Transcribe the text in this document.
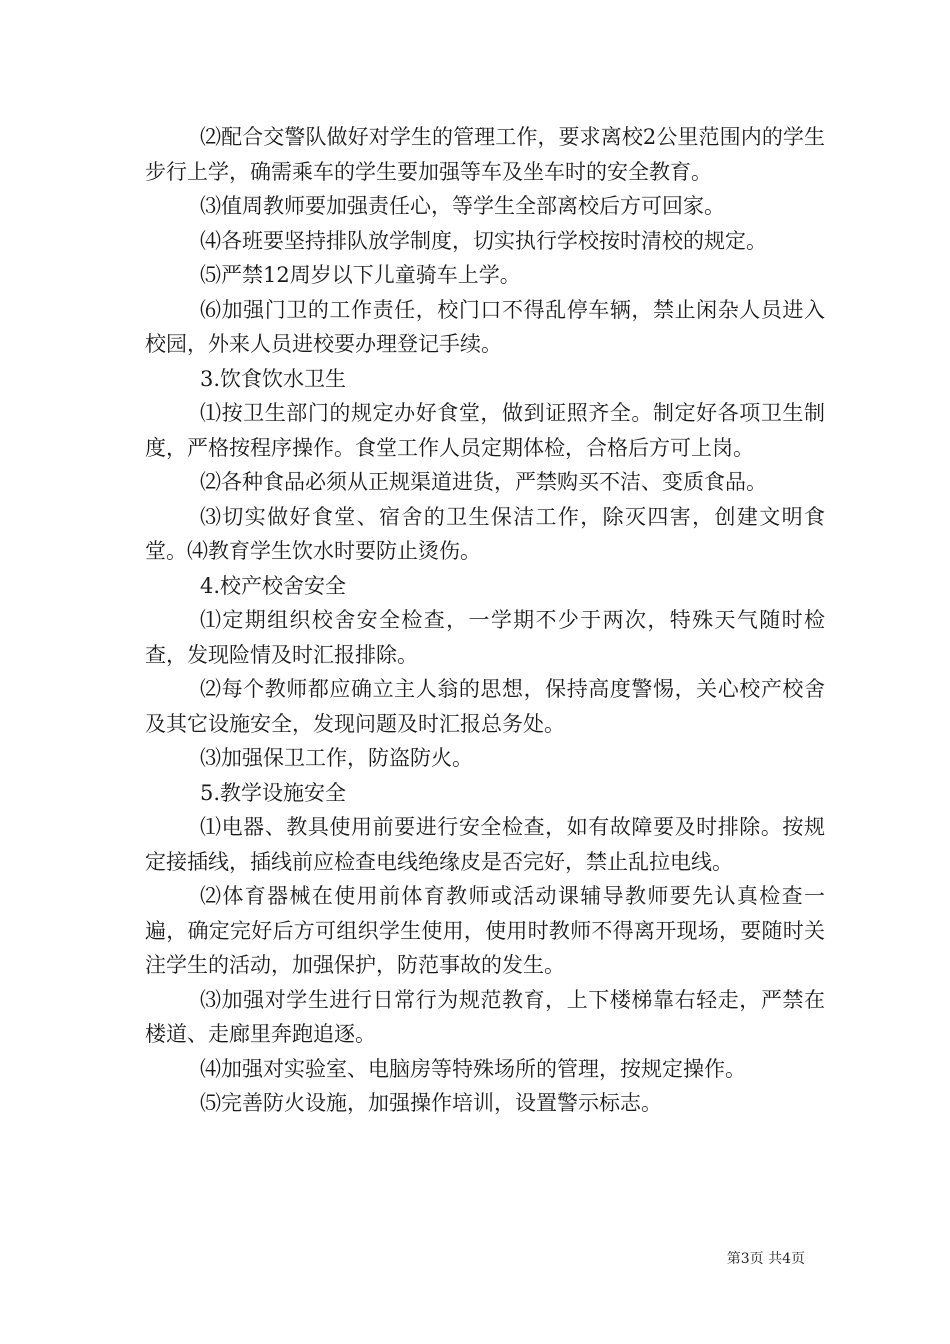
⑵配合交警队做好对学生的管理工作，要求离校2公里范围内的学生步行上学，确需乘车的学生要加强等车及坐车时的安全教育。

⑶值周教师要加强责任心，等学生全部离校后方可回家。

⑷各班要坚持排队放学制度，切实执行学校按时清校的规定。

⑸严禁12周岁以下儿童骑车上学。

⑹加强门卫的工作责任，校门口不得乱停车辆，禁止闲杂人员进入校园，外来人员进校要办理登记手续。

3.饮食饮水卫生

⑴按卫生部门的规定办好食堂，做到证照齐全。制定好各项卫生制度，严格按程序操作。食堂工作人员定期体检，合格后方可上岗。

⑵各种食品必须从正规渠道进货，严禁购买不洁、变质食品。

⑶切实做好食堂、宿舍的卫生保洁工作，除灭四害，创建文明食堂。⑷教育学生饮水时要防止烫伤。

4.校产校舍安全

⑴定期组织校舍安全检查，一学期不少于两次，特殊天气随时检查，发现险情及时汇报排除。

⑵每个教师都应确立主人翁的思想，保持高度警惕，关心校产校舍及其它设施安全，发现问题及时汇报总务处。

⑶加强保卫工作，防盗防火。

5.教学设施安全

⑴电器、教具使用前要进行安全检查，如有故障要及时排除。按规定接插线，插线前应检查电线绝缘皮是否完好，禁止乱拉电线。

⑵体育器械在使用前体育教师或活动课辅导教师要先认真检查一遍，确定完好后方可组织学生使用，使用时教师不得离开现场，要随时关注学生的活动，加强保护，防范事故的发生。

⑶加强对学生进行日常行为规范教育，上下楼梯靠右轻走，严禁在楼道、走廊里奔跑追逐。

⑷加强对实验室、电脑房等特殊场所的管理，按规定操作。

⑸完善防火设施，加强操作培训，设置警示标志。

第3页 共4页
